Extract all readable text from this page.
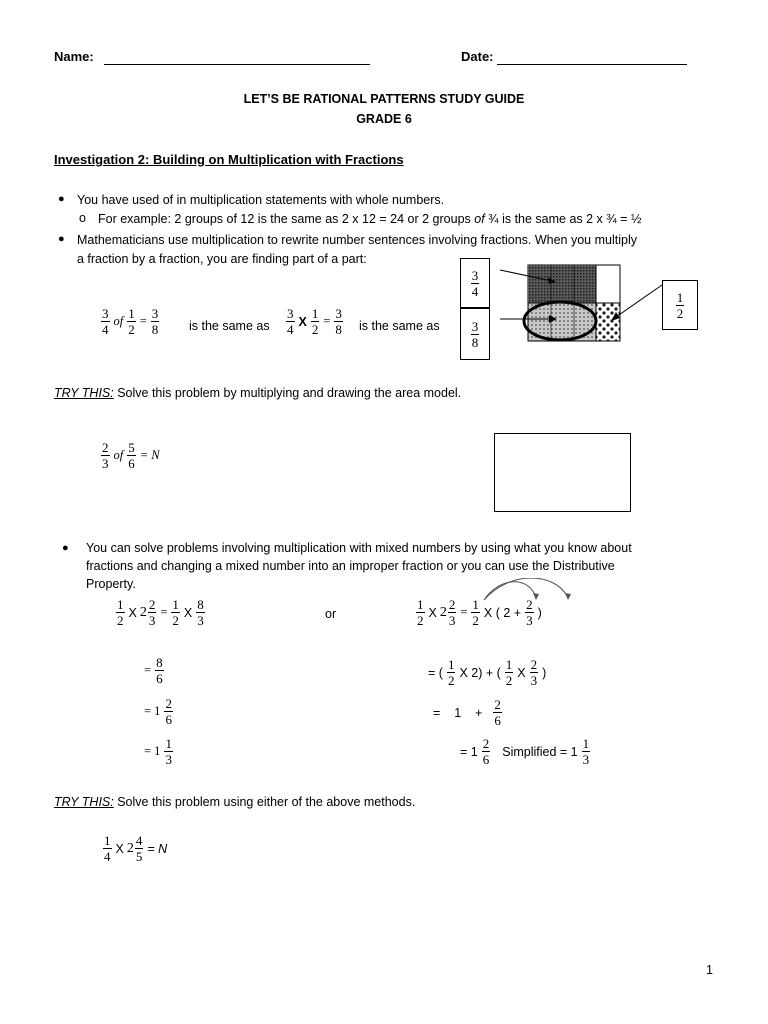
Name:	Date:
LET’S BE RATIONAL PATTERNS STUDY GUIDE
GRADE 6
Investigation 2: Building on Multiplication with Fractions
● You have used of in multiplication statements with whole numbers.
o For example: 2 groups of 12 is the same as 2 x 12 = 24 or 2 groups of ¾ is the same as 2 x ¾ = ½
● Mathematicians use multiplication to rewrite number sentences involving fractions. When you multiply
a fraction by a fraction, you are finding part of a part:
$\frac{3}{4}$ of $\frac{1}{2} = \frac{3}{8}$ is the same as $\frac{3}{4}$ X $\frac{1}{2} = \frac{3}{8}$ is the same as
$\frac{3}{4}$
$\frac{3}{8}$
$\frac{1}{2}$
TRY THIS: Solve this problem by multiplying and drawing the area model.
$\frac{2}{3}$ of $\frac{5}{6} = N$
● You can solve problems involving multiplication with mixed numbers by using what you know about
fractions and changing a mixed number into an improper fraction or you can use the Distributive
Property.
$\frac{1}{2}$ X $2 \frac{2}{3} = \frac{1}{2}$ X $\frac{8}{3}$
= $\frac{8}{6}$
= $1 \frac{2}{6}$
= $1 \frac{1}{3}$
or	$\frac{1}{2}$ X $2 \frac{2}{3} = \frac{1}{2}$ X ( $2 + \frac{2}{3}$ )
= ( $\frac{1}{2}$ X 2) + ( $\frac{1}{2}$ X $\frac{2}{3}$ )
=    1    + $\frac{2}{6}$
= $1 \frac{2}{6}$ Simplified = $1 \frac{1}{3}$
TRY THIS: Solve this problem using either of the above methods.
$\frac{1}{4}$ X $2 \frac{4}{5} = N$
1
